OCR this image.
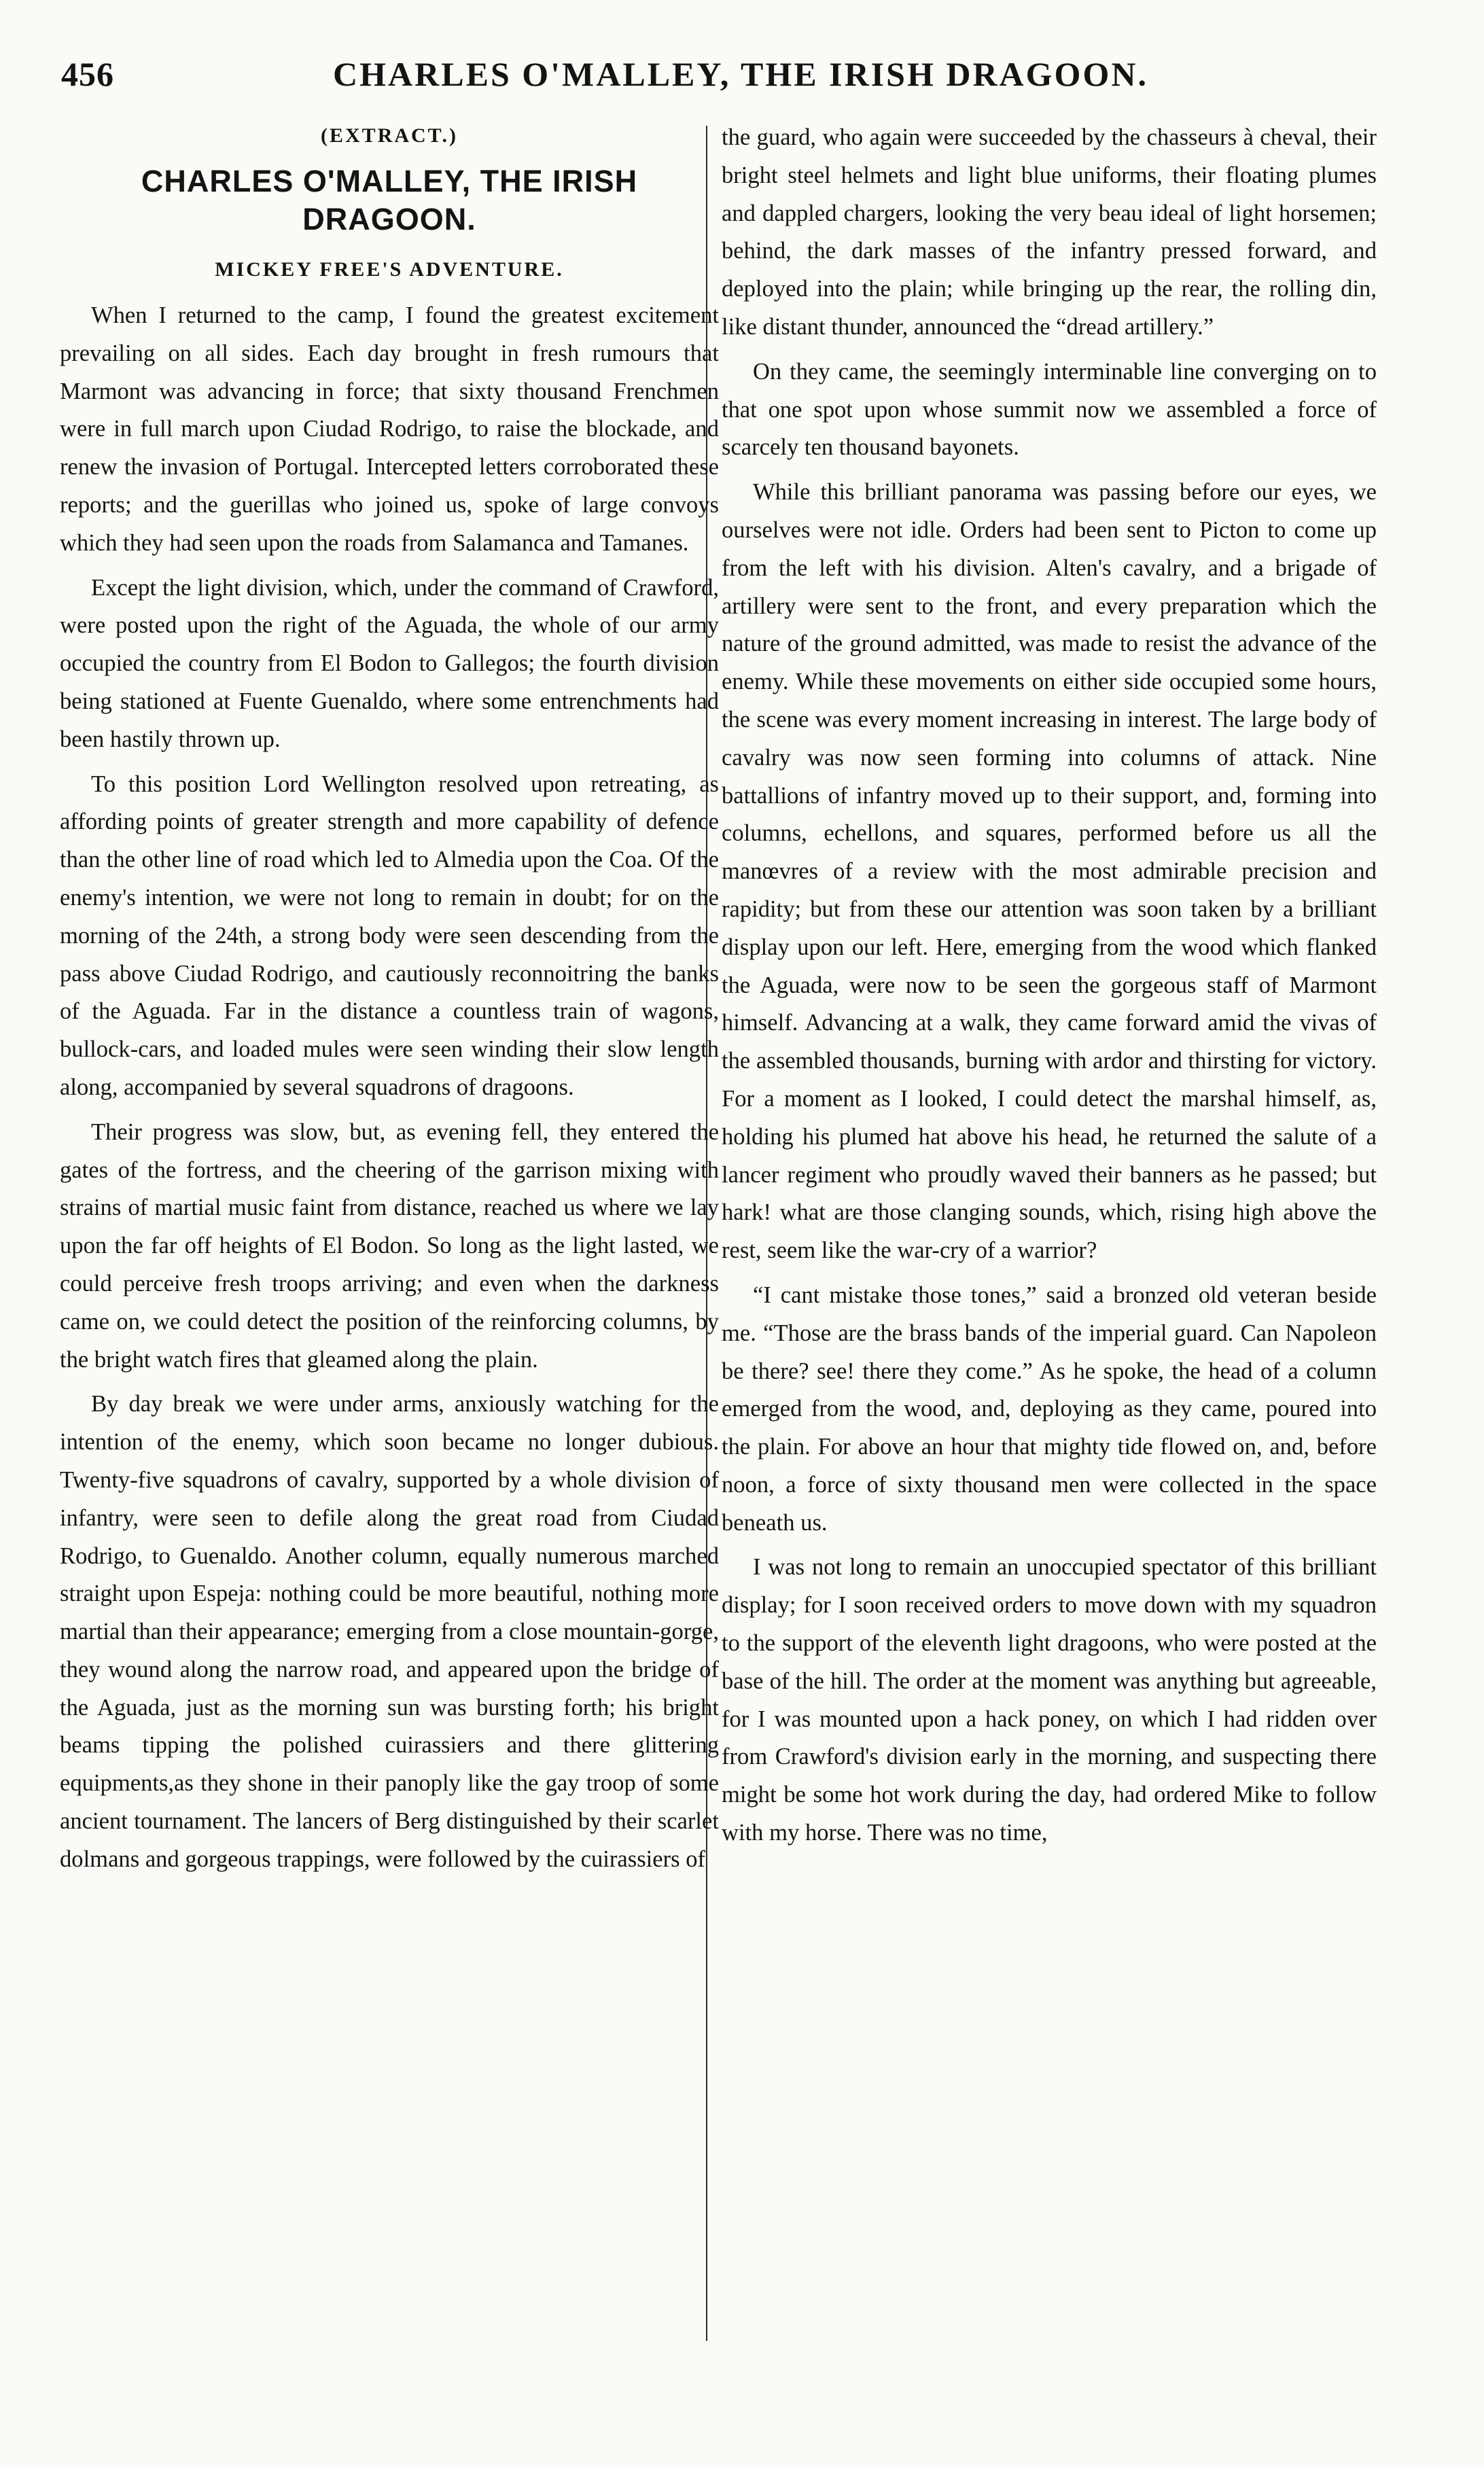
456	CHARLES O'MALLEY, THE IRISH DRAGOON.
(EXTRACT.)
CHARLES O'MALLEY, THE IRISH DRAGOON.
MICKEY FREE'S ADVENTURE.

When I returned to the camp, I found the greatest excitement prevailing on all sides. Each day brought in fresh rumours that Marmont was advancing in force; that sixty thousand Frenchmen were in full march upon Ciudad Rodrigo, to raise the blockade, and renew the invasion of Portugal. Intercepted letters corroborated these reports; and the guerillas who joined us, spoke of large convoys which they had seen upon the roads from Salamanca and Tamanes.

Except the light division, which, under the command of Crawford, were posted upon the right of the Aguada, the whole of our army occupied the country from El Bodon to Gallegos; the fourth division being stationed at Fuente Guenaldo, where some entrenchments had been hastily thrown up.

To this position Lord Wellington resolved upon retreating, as affording points of greater strength and more capability of defence than the other line of road which led to Almedia upon the Coa. Of the enemy's intention, we were not long to remain in doubt; for on the morning of the 24th, a strong body were seen descending from the pass above Ciudad Rodrigo, and cautiously reconnoitring the banks of the Aguada. Far in the distance a countless train of wagons, bullock-cars, and loaded mules were seen winding their slow length along, accompanied by several squadrons of dragoons.

Their progress was slow, but, as evening fell, they entered the gates of the fortress, and the cheering of the garrison mixing with strains of martial music faint from distance, reached us where we lay upon the far off heights of El Bodon. So long as the light lasted, we could perceive fresh troops arriving; and even when the darkness came on, we could detect the position of the reinforcing columns, by the bright watch fires that gleamed along the plain.

By day break we were under arms, anxiously watching for the intention of the enemy, which soon became no longer dubious. Twenty-five squadrons of cavalry, supported by a whole division of infantry, were seen to defile along the great road from Ciudad Rodrigo, to Guenaldo. Another column, equally numerous marched straight upon Espeja: nothing could be more beautiful, nothing more martial than their appearance; emerging from a close mountain-gorge, they wound along the narrow road, and appeared upon the bridge of the Aguada, just as the morning sun was bursting forth; his bright beams tipping the polished cuirassiers and there glittering equipments,as they shone in their panoply like the gay troop of some ancient tournament. The lancers of Berg distinguished by their scarlet dolmans and gorgeous trappings, were followed by the cuirassiers of

the guard, who again were succeeded by the chasseurs à cheval, their bright steel helmets and light blue uniforms, their floating plumes and dappled chargers, looking the very beau ideal of light horsemen; behind, the dark masses of the infantry pressed forward, and deployed into the plain; while bringing up the rear, the rolling din, like distant thunder, announced the “dread artillery.”

On they came, the seemingly interminable line converging on to that one spot upon whose summit now we assembled a force of scarcely ten thousand bayonets.

While this brilliant panorama was passing before our eyes, we ourselves were not idle. Orders had been sent to Picton to come up from the left with his division. Alten's cavalry, and a brigade of artillery were sent to the front, and every preparation which the nature of the ground admitted, was made to resist the advance of the enemy. While these movements on either side occupied some hours, the scene was every moment increasing in interest. The large body of cavalry was now seen forming into columns of attack. Nine battallions of infantry moved up to their support, and, forming into columns, echellons, and squares, performed before us all the manœvres of a review with the most admirable precision and rapidity; but from these our attention was soon taken by a brilliant display upon our left. Here, emerging from the wood which flanked the Aguada, were now to be seen the gorgeous staff of Marmont himself. Advancing at a walk, they came forward amid the vivas of the assembled thousands, burning with ardor and thirsting for victory. For a moment as I looked, I could detect the marshal himself, as, holding his plumed hat above his head, he returned the salute of a lancer regiment who proudly waved their banners as he passed; but hark! what are those clanging sounds, which, rising high above the rest, seem like the war-cry of a warrior?

“I cant mistake those tones,” said a bronzed old veteran beside me. “Those are the brass bands of the imperial guard. Can Napoleon be there? see! there they come.” As he spoke, the head of a column emerged from the wood, and, deploying as they came, poured into the plain. For above an hour that mighty tide flowed on, and, before noon, a force of sixty thousand men were collected in the space beneath us.

I was not long to remain an unoccupied spectator of this brilliant display; for I soon received orders to move down with my squadron to the support of the eleventh light dragoons, who were posted at the base of the hill. The order at the moment was anything but agreeable, for I was mounted upon a hack poney, on which I had ridden over from Crawford's division early in the morning, and suspecting there might be some hot work during the day, had ordered Mike to follow with my horse. There was no time,
